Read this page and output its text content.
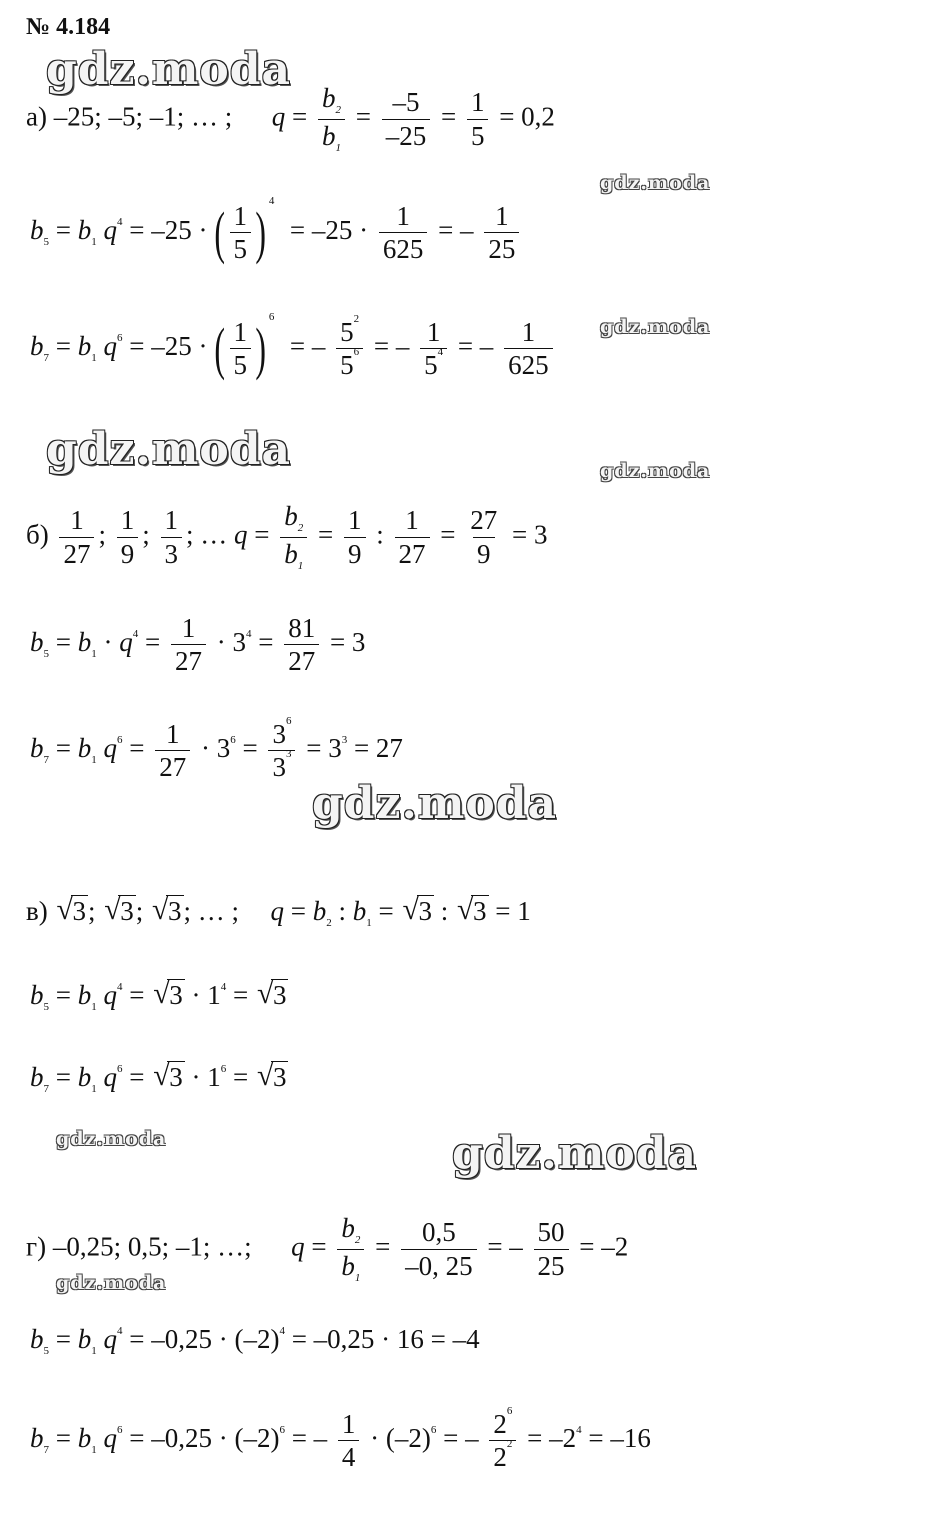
№ 4.184
gdz.moda
gdz.moda
gdz.moda
gdz.moda	gdz.moda
gdz.moda
gdz.moda	gdz.moda
gdz.moda
а) –25; –5; –1; … ; $q = \frac{b_2}{b_1} = \frac{-5}{-25} = \frac{1}{5} = 0,2$
$b_5 = b_1$ $q^4 = -25$ · ( $\frac{1}{5}$ ) 4
= $-25 \cdot \frac{1}{625}$ = – $\frac{1}{25}$
$b_7 = b_1$ $q^6 = -25$ · ( $\frac{1}{5}$ ) 6
= – $\frac{5^2}{5^6}$ = – $\frac{1}{5^4}$ = – $\frac{1}{625}$
$б) \frac{1}{27}$ ; $\frac{1}{9}$ ; $\frac{1}{3}$ ; … $q = \frac{b_2}{b_1} = \frac{1}{9}$ : $\frac{1}{27} = \frac{27}{9} = 3$
$b_5 = b_1 \cdot q^4 = \frac{1}{27} \cdot 3^4 = \frac{81}{27} = 3$
$b_7 = b_1$ $q^6 = \frac{1}{27} \cdot 3^6 = \frac{3^6}{3^3} = 3^3 = 27$
в) √ 3; √ 3; √ 3; … ; $q = b_2$ : $b_1$ = √ 3 : √ 3 = 1
$b_5 = b_1$ $q^4$ = √ $3 \cdot 1^4$ = √ 3
$b_7 = b_1$ $q^6$ = √ $3 \cdot 1^6$ = √ 3
г) –0,25; 0,5; –1; …; $q = \frac{b_2}{b_1} = \frac{0,5}{-0, 25}$ = – $\frac{50}{25} = -2$
$b_5 = b_1$ $q^4 = -0,25 \cdot (-2)^4 = -0,25 \cdot 16 = -4$
$b_7 = b_1$ $q^6 = -0,25 \cdot (-2)^6$ = – $\frac{1}{4} \cdot (-2)^6$ = – $\frac{2^6}{2^2} = -2^4 = -16$
